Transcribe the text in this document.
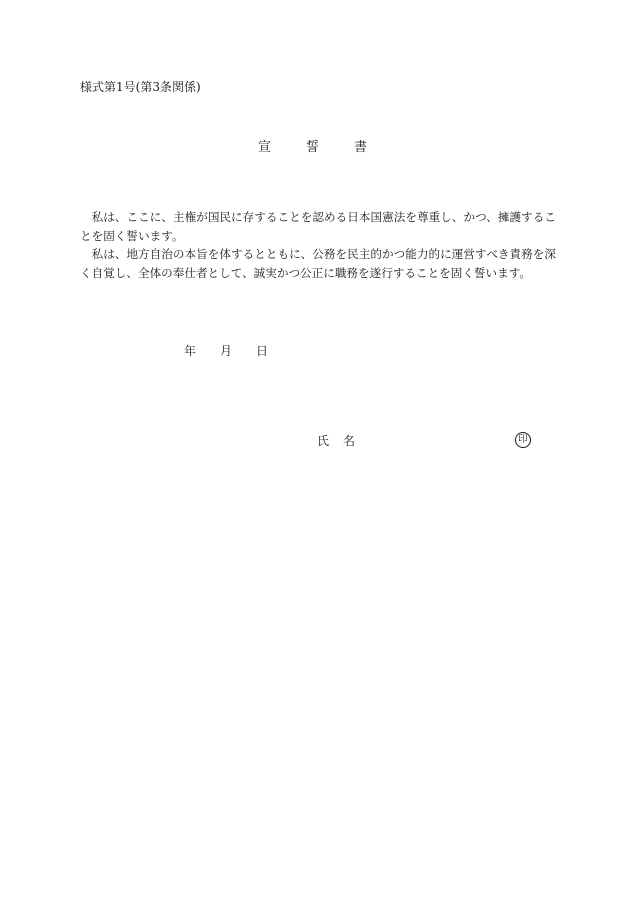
様式第1号(第3条関係)
宣　誓　書

私は、ここに、主権が国民に存することを認める日本国憲法を尊重し、かつ、擁護することを固く誓います。

私は、地方自治の本旨を体するとともに、公務を民主的かつ能力的に運営すべき責務を深く自覚し、全体の奉仕者として、誠実かつ公正に職務を遂行することを固く誓います。

年 月 日
氏名	印
